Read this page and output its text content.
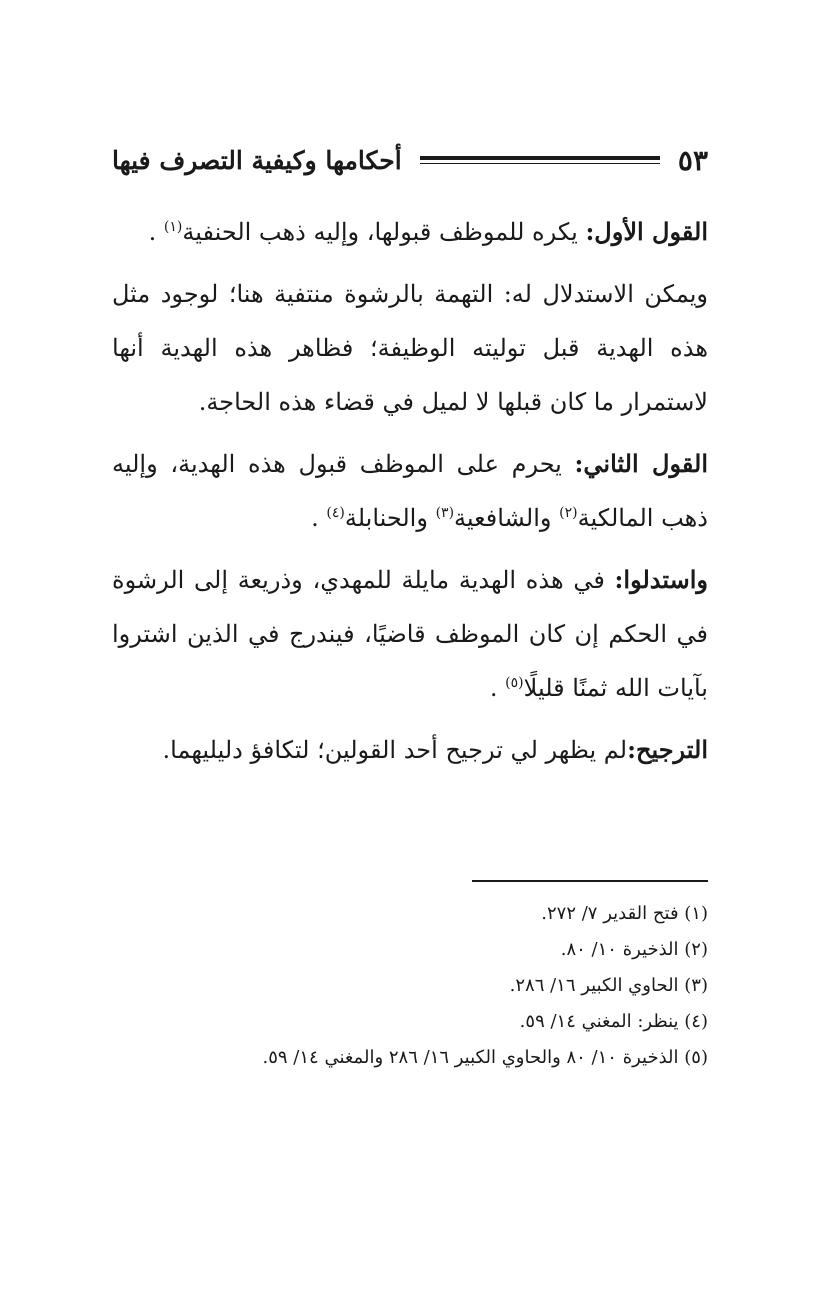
أحكامها وكيفية التصرف فيها	٥٣

القول الأول: يكره للموظف قبولها، وإليه ذهب الحنفية$^{(١)}$ .

ويمكن الاستدلال له: التهمة بالرشوة منتفية هنا؛ لوجود مثل هذه الهدية قبل توليته الوظيفة؛ فظاهر هذه الهدية أنها لاستمرار ما كان قبلها لا لميل في قضاء هذه الحاجة.

القول الثاني: يحرم على الموظف قبول هذه الهدية، وإليه ذهب المالكية$^{(٢)}$ والشافعية$^{(٣)}$ والحنابلة$^{(٤)}$ .

واستدلوا: في هذه الهدية مايلة للمهدي، وذريعة إلى الرشوة في الحكم إن كان الموظف قاضيًا، فيندرج في الذين اشتروا بآيات الله ثمنًا قليلًا$^{(٥)}$ .

الترجيح:لم يظهر لي ترجيح أحد القولين؛ لتكافؤ دليليهما.

(١) فتح القدير ٧/ ٢٧٢.
(٢) الذخيرة ١٠/ ٨٠.
(٣) الحاوي الكبير ١٦/ ٢٨٦.
(٤) ينظر: المغني ١٤/ ٥٩.
(٥) الذخيرة ١٠/ ٨٠ والحاوي الكبير ١٦/ ٢٨٦ والمغني ١٤/ ٥٩.
